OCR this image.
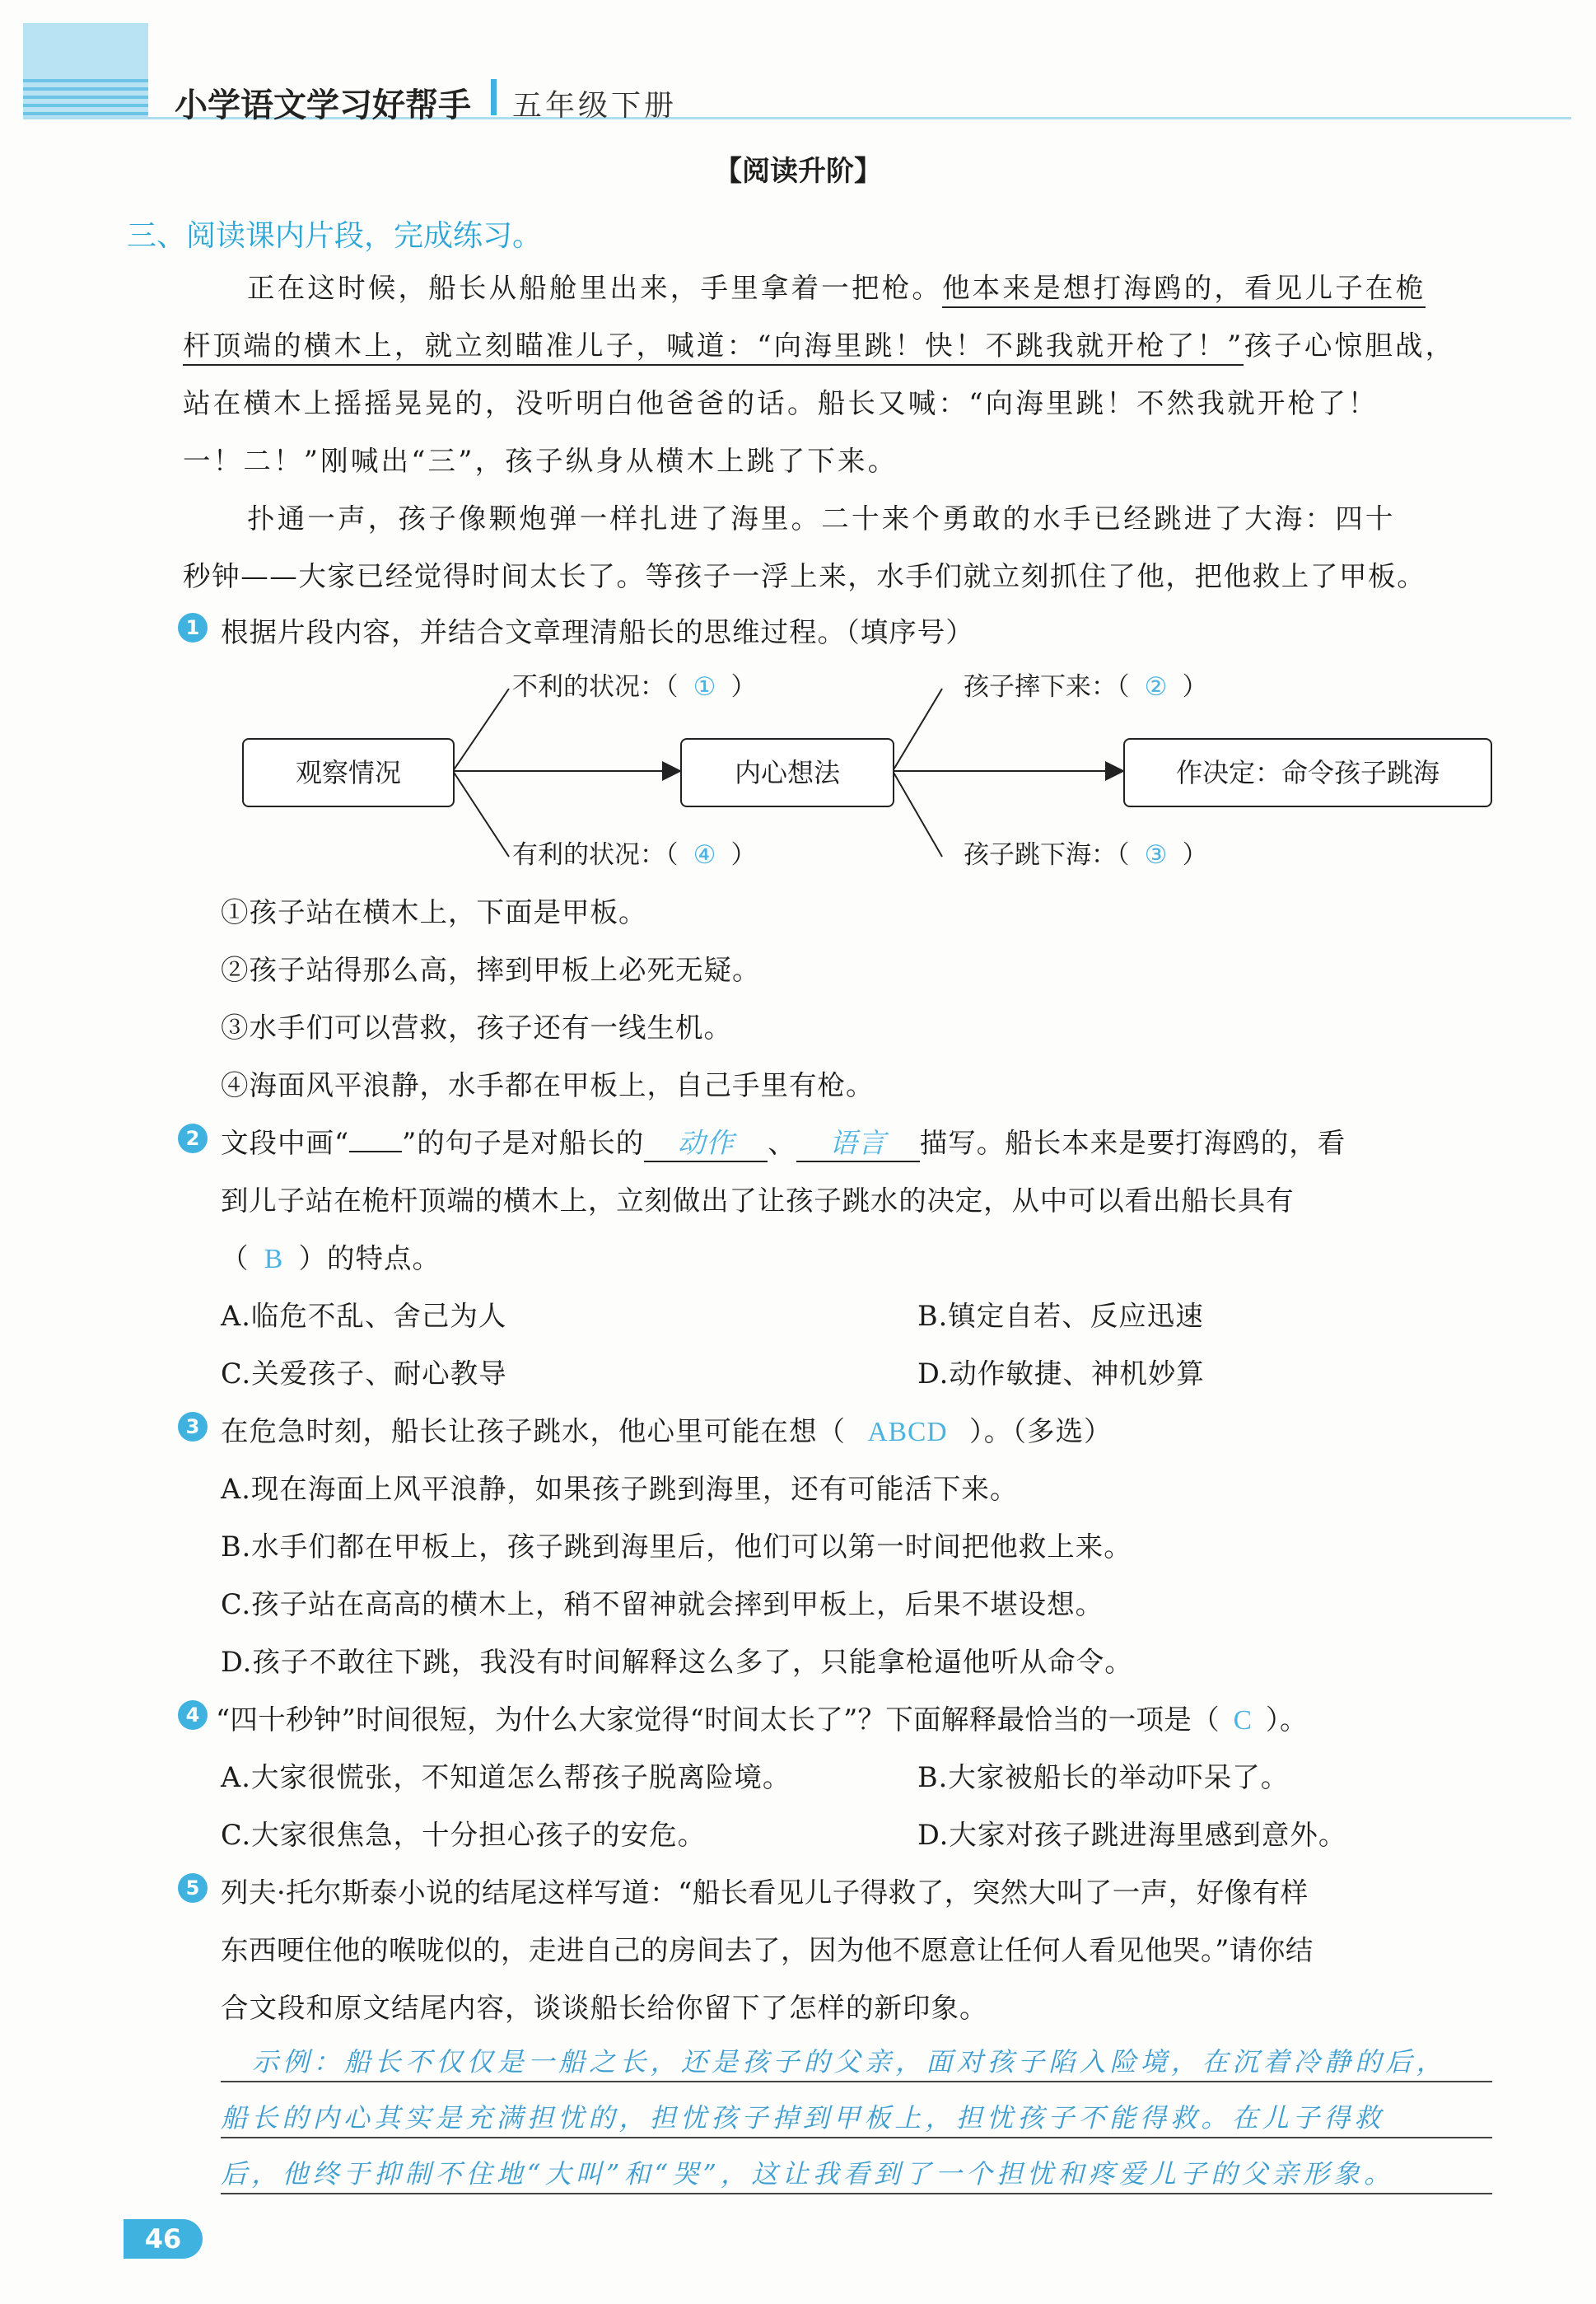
小学语文学习好帮手 五年级下册
【阅读升阶】
三、阅读课内片段，完成练习。
正在这时候，船长从船舱里出来，手里拿着一把枪。他本来是想打海鸥的，看见儿子在桅
杆顶端的横木上，就立刻瞄准儿子，喊道：“向海里跳！快！不跳我就开枪了！”孩子心惊胆战，
站在横木上摇摇晃晃的，没听明白他爸爸的话。船长又喊：“向海里跳！不然我就开枪了！
一！二！”刚喊出“三”，孩子纵身从横木上跳了下来。
扑通一声，孩子像颗炮弹一样扎进了海里。二十来个勇敢的水手已经跳进了大海：四十
秒钟——大家已经觉得时间太长了。等孩子一浮上来，水手们就立刻抓住了他，把他救上了甲板。
1 根据片段内容，并结合文章理清船长的思维过程。（填序号）
观察情况	内心想法	作决定：命令孩子跳海
不利的状况：（ ① ）
有利的状况：（ ④ ）
孩子摔下来：（ ② ）
孩子跳下海：（ ③ ）
①孩子站在横木上，下面是甲板。
②孩子站得那么高，摔到甲板上必死无疑。
③水手们可以营救，孩子还有一线生机。
④海面风平浪静，水手都在甲板上，自己手里有枪。
2 文段中画“ ”的句子是对船长的 动作 、 语言 描写。船长本来是要打海鸥的，看
到儿子站在桅杆顶端的横木上，立刻做出了让孩子跳水的决定，从中可以看出船长具有
（ B ）的特点。
A.临危不乱、舍己为人	B.镇定自若、反应迅速
C.关爱孩子、耐心教导	D.动作敏捷、神机妙算
3 在危急时刻，船长让孩子跳水，他心里可能在想（ ABCD ）。（多选）
A.现在海面上风平浪静，如果孩子跳到海里，还有可能活下来。
B.水手们都在甲板上，孩子跳到海里后，他们可以第一时间把他救上来。
C.孩子站在高高的横木上，稍不留神就会摔到甲板上，后果不堪设想。
D.孩子不敢往下跳，我没有时间解释这么多了，只能拿枪逼他听从命令。
4 “四十秒钟”时间很短，为什么大家觉得“时间太长了”？下面解释最恰当的一项是（ C ）。
A.大家很慌张，不知道怎么帮孩子脱离险境。	B.大家被船长的举动吓呆了。
C.大家很焦急，十分担心孩子的安危。	D.大家对孩子跳进海里感到意外。
5 列夫·托尔斯泰小说的结尾这样写道：“船长看见儿子得救了，突然大叫了一声，好像有样
东西哽住他的喉咙似的，走进自己的房间去了，因为他不愿意让任何人看见他哭。”请你结
合文段和原文结尾内容，谈谈船长给你留下了怎样的新印象。
示例：船长不仅仅是一船之长，还是孩子的父亲，面对孩子陷入险境，在沉着冷静的后，
船长的内心其实是充满担忧的，担忧孩子掉到甲板上，担忧孩子不能得救。在儿子得救
后，他终于抑制不住地“大叫”和“哭”，这让我看到了一个担忧和疼爱儿子的父亲形象。
46
